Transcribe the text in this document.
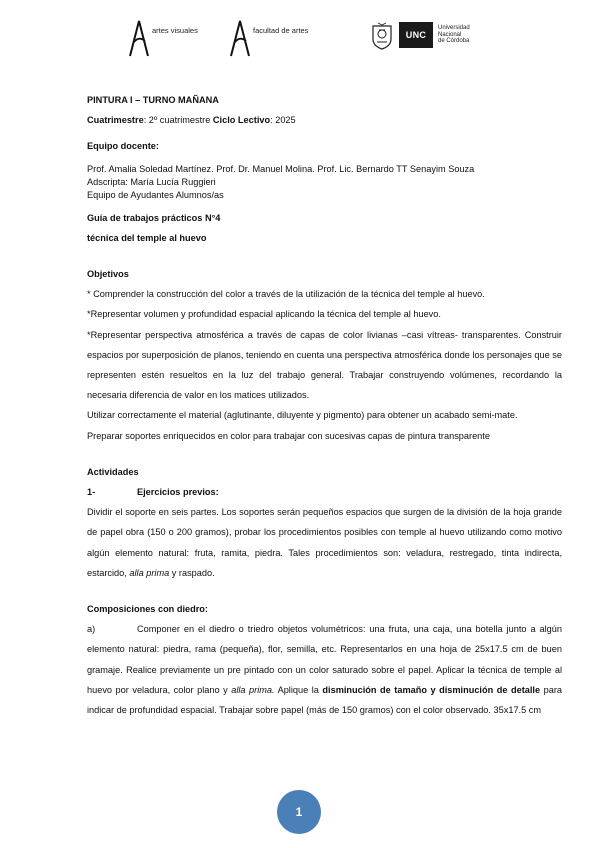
artes visuales	facultad de artes	UNC
Universidad
Nacional
de Córdoba

PINTURA I – TURNO MAÑANA

Cuatrimestre: 2º cuatrimestre Ciclo Lectivo: 2025

Equipo docente:

Prof. Amalia Soledad Martínez. Prof. Dr. Manuel Molina. Prof. Lic. Bernardo TT Senayim Souza

Adscripta: María Lucía Ruggieri

Equipo de Ayudantes Alumnos/as

Guía de trabajos prácticos N°4

técnica del temple al huevo

Objetivos

* Comprender la construcción del color a través de la utilización de la técnica del temple al huevo.

*Representar volumen y profundidad espacial aplicando la técnica del temple al huevo.

*Representar perspectiva atmosférica a través de capas de color livianas –casi vítreas- transparentes. Construir espacios por superposición de planos, teniendo en cuenta una perspectiva atmosférica donde los personajes que se representen estén resueltos en la luz del trabajo general. Trabajar construyendo volúmenes, recordando la necesaria diferencia de valor en los matices utilizados.

Utilizar correctamente el material (aglutinante, diluyente y pigmento) para obtener un acabado semi-mate.

Preparar soportes enriquecidos en color para trabajar con sucesivas capas de pintura transparente

Actividades

1-	Ejercicios previos:

Dividir el soporte en seis partes. Los soportes serán pequeños espacios que surgen de la división de la hoja grande de papel obra (150 o 200 gramos), probar los procedimientos posibles con temple al huevo utilizando como motivo algún elemento natural: fruta, ramita, piedra. Tales procedimientos son: veladura, restregado, tinta indirecta, estarcido, alla prima y raspado.

Composiciones con diedro:

a)	Componer en el diedro o triedro objetos volumétricos: una fruta, una caja, una botella junto a algún elemento natural: piedra, rama (pequeña), flor, semilla, etc. Representarlos en una hoja de 25x17.5 cm de buen gramaje. Realice previamente un pre pintado con un color saturado sobre el papel. Aplicar la técnica de temple al huevo por veladura, color plano y alla prima. Aplique la disminución de tamaño y disminución de detalle para indicar de profundidad espacial. Trabajar sobre papel (más de 150 gramos) con el color observado. 35x17.5 cm

1
